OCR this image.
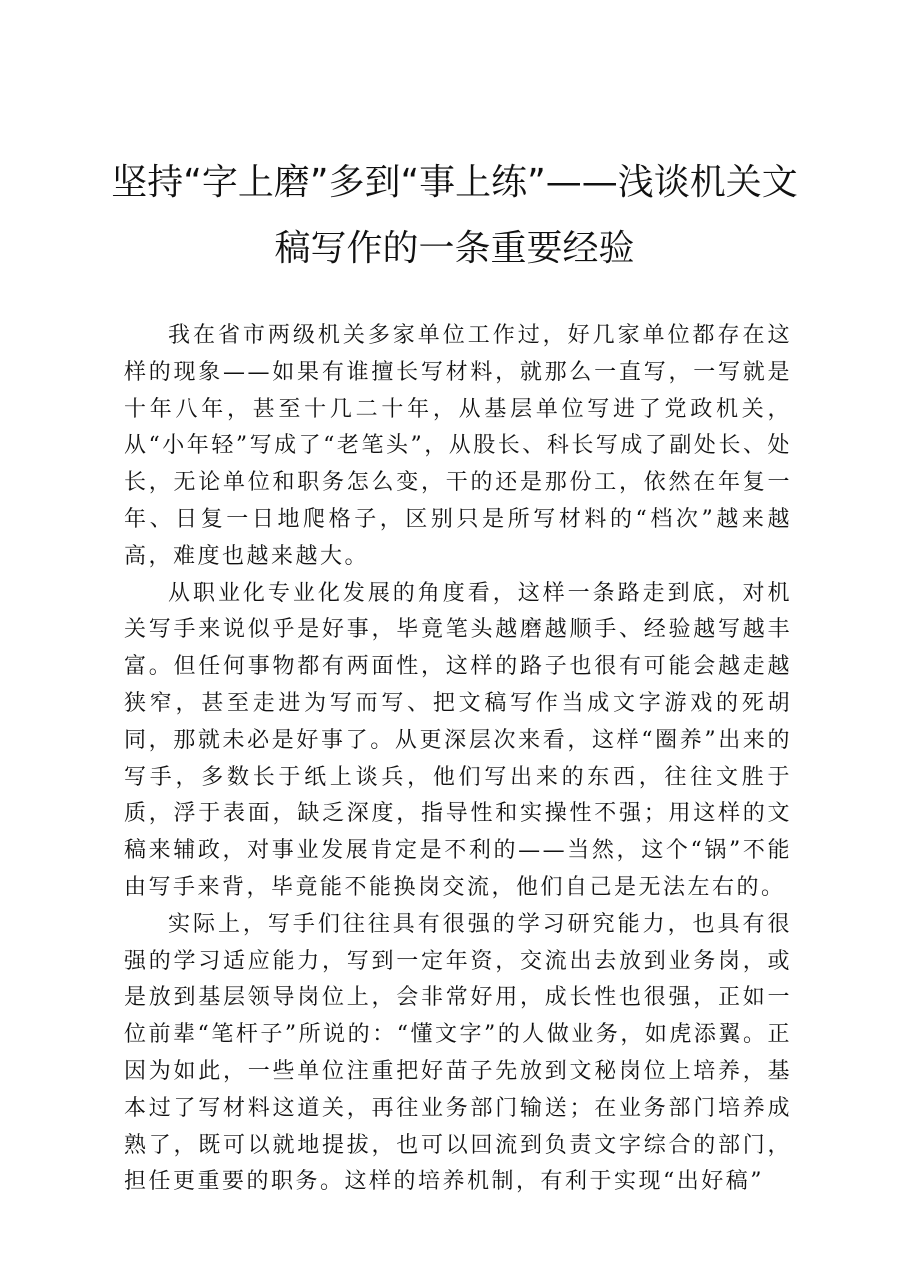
坚持“字上磨”多到“事上练”——浅谈机关文稿写作的一条重要经验

我在省市两级机关多家单位工作过，好几家单位都存在这样的现象——如果有谁擅长写材料，就那么一直写，一写就是十年八年，甚至十几二十年，从基层单位写进了党政机关，从“小年轻”写成了“老笔头”，从股长、科长写成了副处长、处长，无论单位和职务怎么变，干的还是那份工，依然在年复一年、日复一日地爬格子，区别只是所写材料的“档次”越来越高，难度也越来越大。

从职业化专业化发展的角度看，这样一条路走到底，对机关写手来说似乎是好事，毕竟笔头越磨越顺手、经验越写越丰富。但任何事物都有两面性，这样的路子也很有可能会越走越狭窄，甚至走进为写而写、把文稿写作当成文字游戏的死胡同，那就未必是好事了。从更深层次来看，这样“圈养”出来的写手，多数长于纸上谈兵，他们写出来的东西，往往文胜于质，浮于表面，缺乏深度，指导性和实操性不强；用这样的文稿来辅政，对事业发展肯定是不利的——当然，这个“锅”不能由写手来背，毕竟能不能换岗交流，他们自己是无法左右的。

实际上，写手们往往具有很强的学习研究能力，也具有很强的学习适应能力，写到一定年资，交流出去放到业务岗，或是放到基层领导岗位上，会非常好用，成长性也很强，正如一位前辈“笔杆子”所说的：“懂文字”的人做业务，如虎添翼。正因为如此，一些单位注重把好苗子先放到文秘岗位上培养，基本过了写材料这道关，再往业务部门输送；在业务部门培养成熟了，既可以就地提拔，也可以回流到负责文字综合的部门，担任更重要的职务。这样的培养机制，有利于实现“出好稿”
